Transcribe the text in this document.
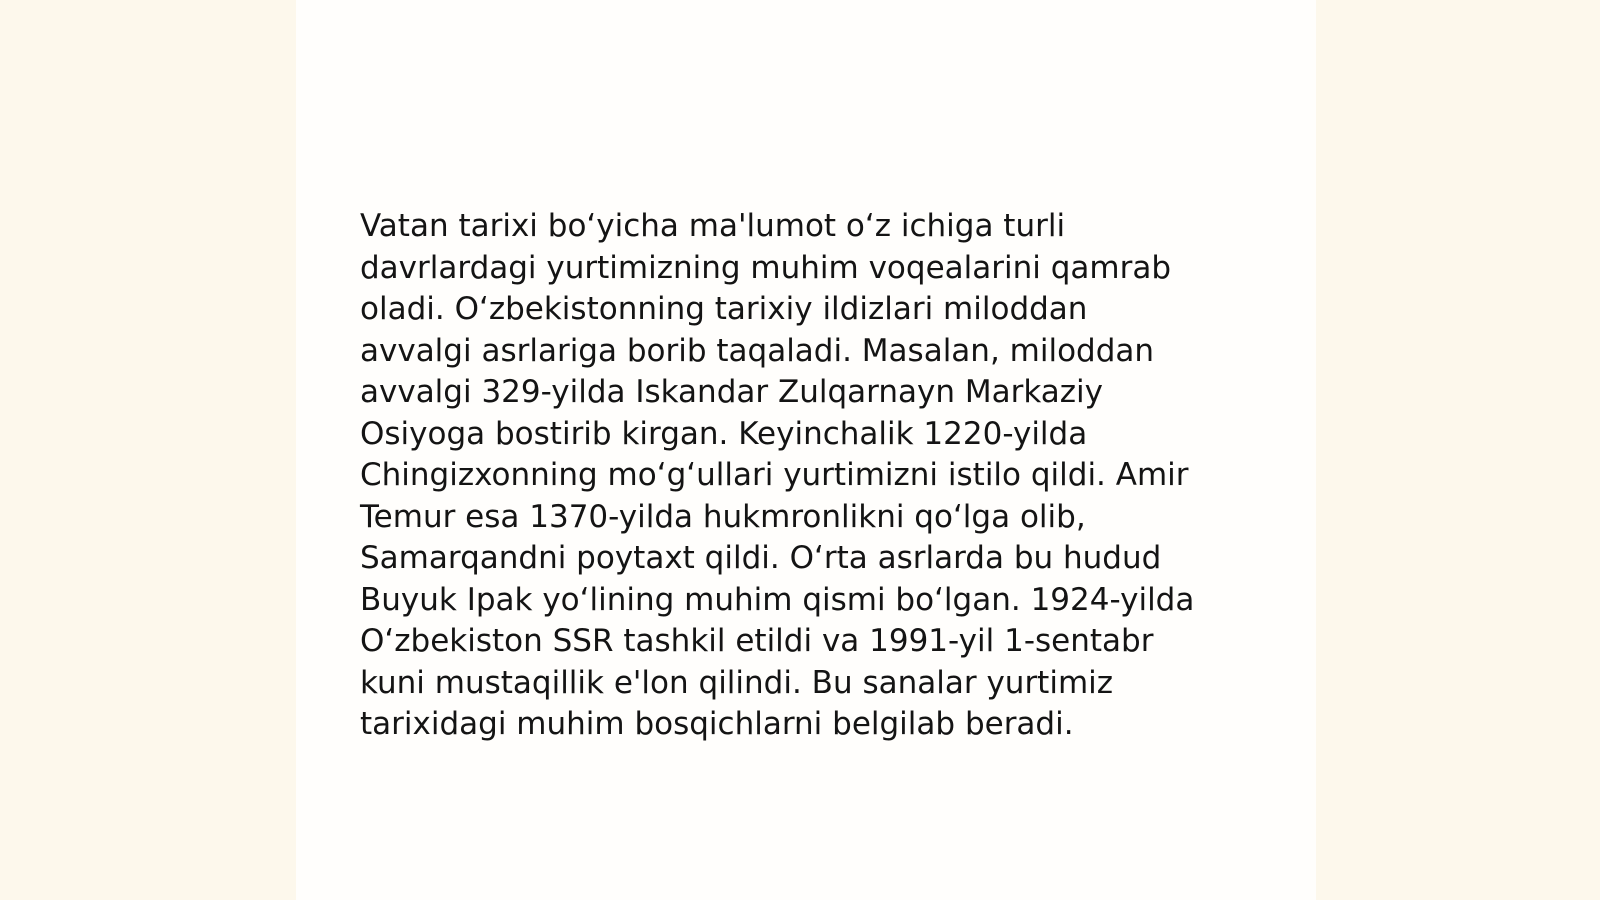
Vatan tarixi bo‘yicha ma'lumot o‘z ichiga turli
davrlardagi yurtimizning muhim voqealarini qamrab
oladi. O‘zbekistonning tarixiy ildizlari miloddan
avvalgi asrlariga borib taqaladi. Masalan, miloddan
avvalgi 329-yilda Iskandar Zulqarnayn Markaziy
Osiyoga bostirib kirgan. Keyinchalik 1220-yilda
Chingizxonning mo‘g‘ullari yurtimizni istilo qildi. Amir
Temur esa 1370-yilda hukmronlikni qo‘lga olib,
Samarqandni poytaxt qildi. O‘rta asrlarda bu hudud
Buyuk Ipak yo‘lining muhim qismi bo‘lgan. 1924-yilda
O‘zbekiston SSR tashkil etildi va 1991-yil 1-sentabr
kuni mustaqillik e'lon qilindi. Bu sanalar yurtimiz
tarixidagi muhim bosqichlarni belgilab beradi.
